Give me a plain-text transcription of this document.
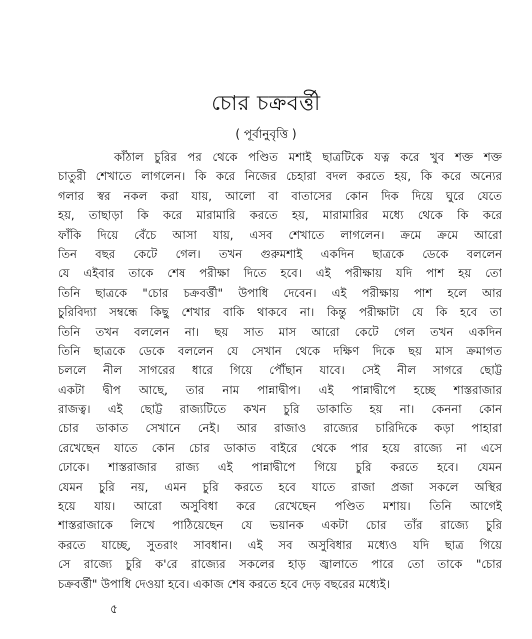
চোর চক্রবর্ত্তী
( পূর্বানুবৃত্তি )
কাঁঠাল চুরির পর থেকে পণ্ডিত মশাই ছাত্রটিকে যত্ন করে খুব শক্ত শক্ত
চাতুরী শেখাতে লাগলেন। কি করে নিজের চেহারা বদল করতে হয়, কি করে অন্যের
গলার স্বর নকল করা যায়, আলো বা বাতাসের কোন দিক দিয়ে ঘুরে যেতে
হয়, তাছাড়া কি করে মারামারি করতে হয়, মারামারির মধ্যে থেকে কি করে
ফাঁকি দিয়ে বেঁচে আসা যায়, এসব শেখাতে লাগলেন। ক্রমে ক্রমে আরো
তিন বছর কেটে গেল। তখন গুরুমশাই একদিন ছাত্রকে ডেকে বললেন
যে এইবার তাকে শেষ পরীক্ষা দিতে হবে। এই পরীক্ষায় যদি পাশ হয় তো
তিনি ছাত্রকে "চোর চক্রবর্ত্তী" উপাধি দেবেন। এই পরীক্ষায় পাশ হলে আর
চুরিবিদ্যা সম্বন্ধে কিছু শেখার বাকি থাকবে না। কিন্তু পরীক্ষাটা যে কি হবে তা
তিনি তখন বললেন না। ছয় সাত মাস আরো কেটে গেল তখন একদিন
তিনি ছাত্রকে ডেকে বললেন যে সেখান থেকে দক্ষিণ দিকে ছয় মাস ক্রমাগত
চললে নীল সাগরের ধারে গিয়ে পৌঁছান যাবে। সেই নীল সাগরে ছোট্ট
একটা দ্বীপ আছে, তার নাম পান্নাদ্বীপ। এই পান্নাদ্বীপে হচ্ছে শাস্তরাজার
রাজত্ব। এই ছোট্ট রাজ্যটিতে কখন চুরি ডাকাতি হয় না। কেননা কোন
চোর ডাকাত সেখানে নেই। আর রাজাও রাজ্যের চারিদিকে কড়া পাহারা
রেখেছেন যাতে কোন চোর ডাকাত বাইরে থেকে পার হয়ে রাজ্যে না এসে
ঢোকে। শাস্তরাজার রাজ্য এই পান্নাদ্বীপে গিয়ে চুরি করতে হবে। যেমন
যেমন চুরি নয়, এমন চুরি করতে হবে যাতে রাজা প্রজা সকলে অস্থির
হয়ে যায়। আরো অসুবিধা করে রেখেছেন পণ্ডিত মশায়। তিনি আগেই
শাস্তরাজাকে লিখে পাঠিয়েছেন যে ভয়ানক একটা চোর তাঁর রাজ্যে চুরি
করতে যাচ্ছে, সুতরাং সাবধান। এই সব অসুবিধার মধ্যেও যদি ছাত্র গিয়ে
সে রাজ্যে চুরি ক'রে রাজ্যের সকলের হাড় জ্বালাতে পারে তো তাকে "চোর
চক্রবর্ত্তী" উপাধি দেওয়া হবে। একাজ শেষ করতে হবে দেড় বছরের মধ্যেই।
৫
